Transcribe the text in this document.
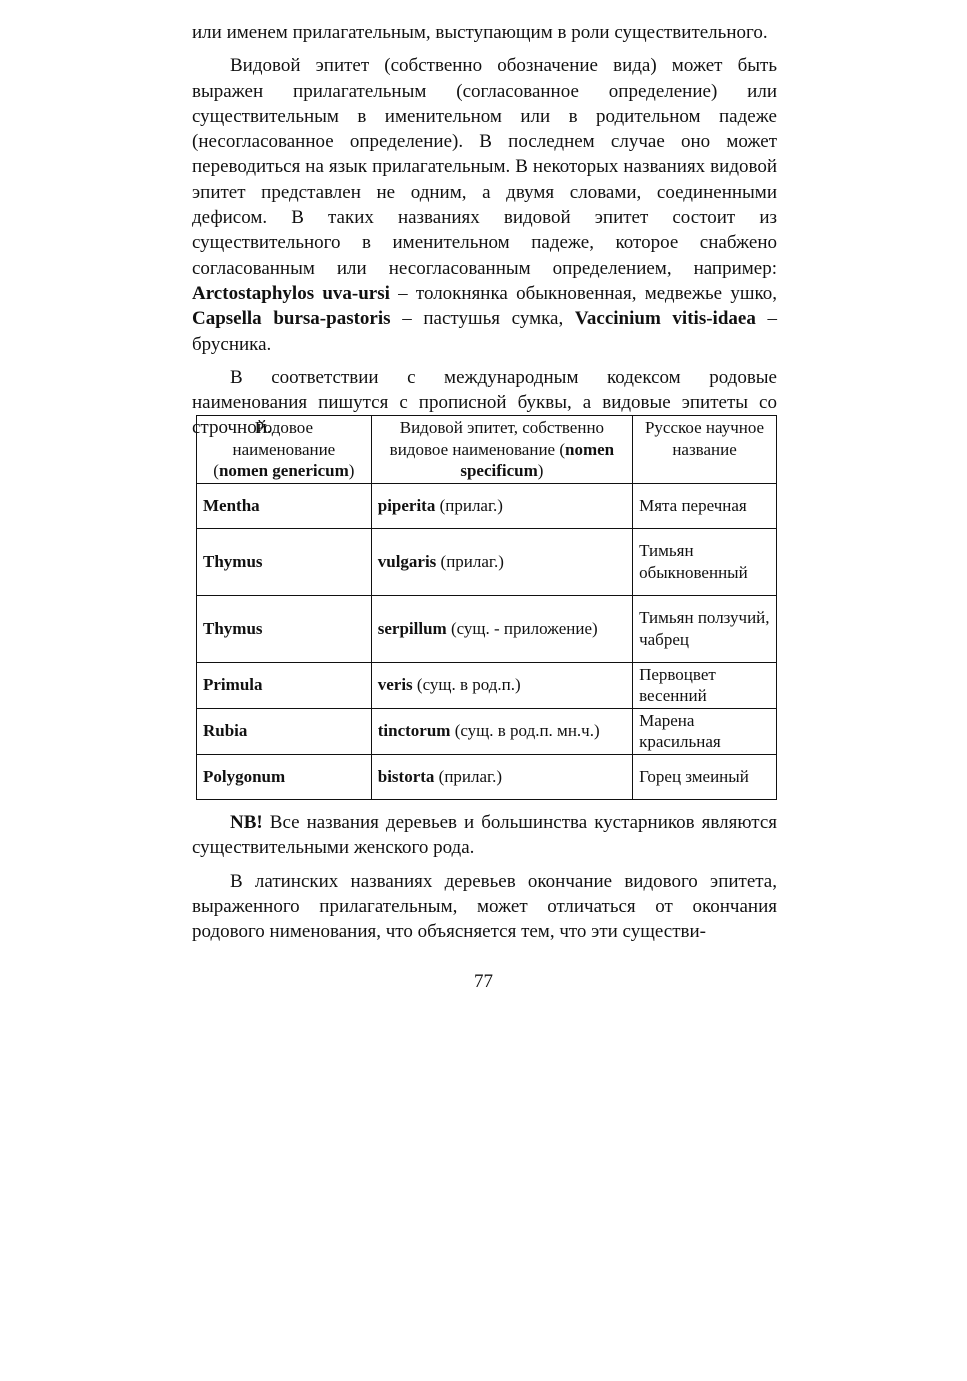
или именем прилагательным, выступающим в роли существительного.

Видовой эпитет (собственно обозначение вида) может быть выражен прилагательным (согласованное определение) или существительным в именительном или в родительном падеже (несогласованное определение). В последнем случае оно может переводиться на язык прилагательным. В некоторых названиях видовой эпитет представлен не одним, а двумя словами, соединенными дефисом. В таких названиях видовой эпитет состоит из существительного в именительном падеже, которое снабжено согласованным или несогласованным определением, например: Arctostaphylos uva-ursi – толокнянка обыкновенная, медвежье ушко, Capsella bursa-pastoris – пастушья сумка, Vaccinium vitis-idaea – брусника.

В соответствии с международным кодексом родовые наименования пишутся с прописной буквы, а видовые эпитеты со строчной.

Родовое наименование (nomen genericum)	Видовой эпитет, собственно видовое наименование (nomen specificum)	Русское научное название
Mentha	piperita (прилаг.)	Мята перечная
Thymus	vulgaris (прилаг.)	Тимьян обыкновенный
Thymus	serpillum (сущ. - приложение)	Тимьян ползучий, чабрец
Primula	veris (сущ. в род.п.)	Первоцвет весенний
Rubia	tinctorum (сущ. в род.п. мн.ч.)	Марена красильная
Polygonum	bistorta (прилаг.)	Горец змеиный

NB! Все названия деревьев и большинства кустарников являются существительными женского рода.

В латинских названиях деревьев окончание видового эпитета, выраженного прилагательным, может отличаться от окончания родового нименования, что объясняется тем, что эти существи-

77
